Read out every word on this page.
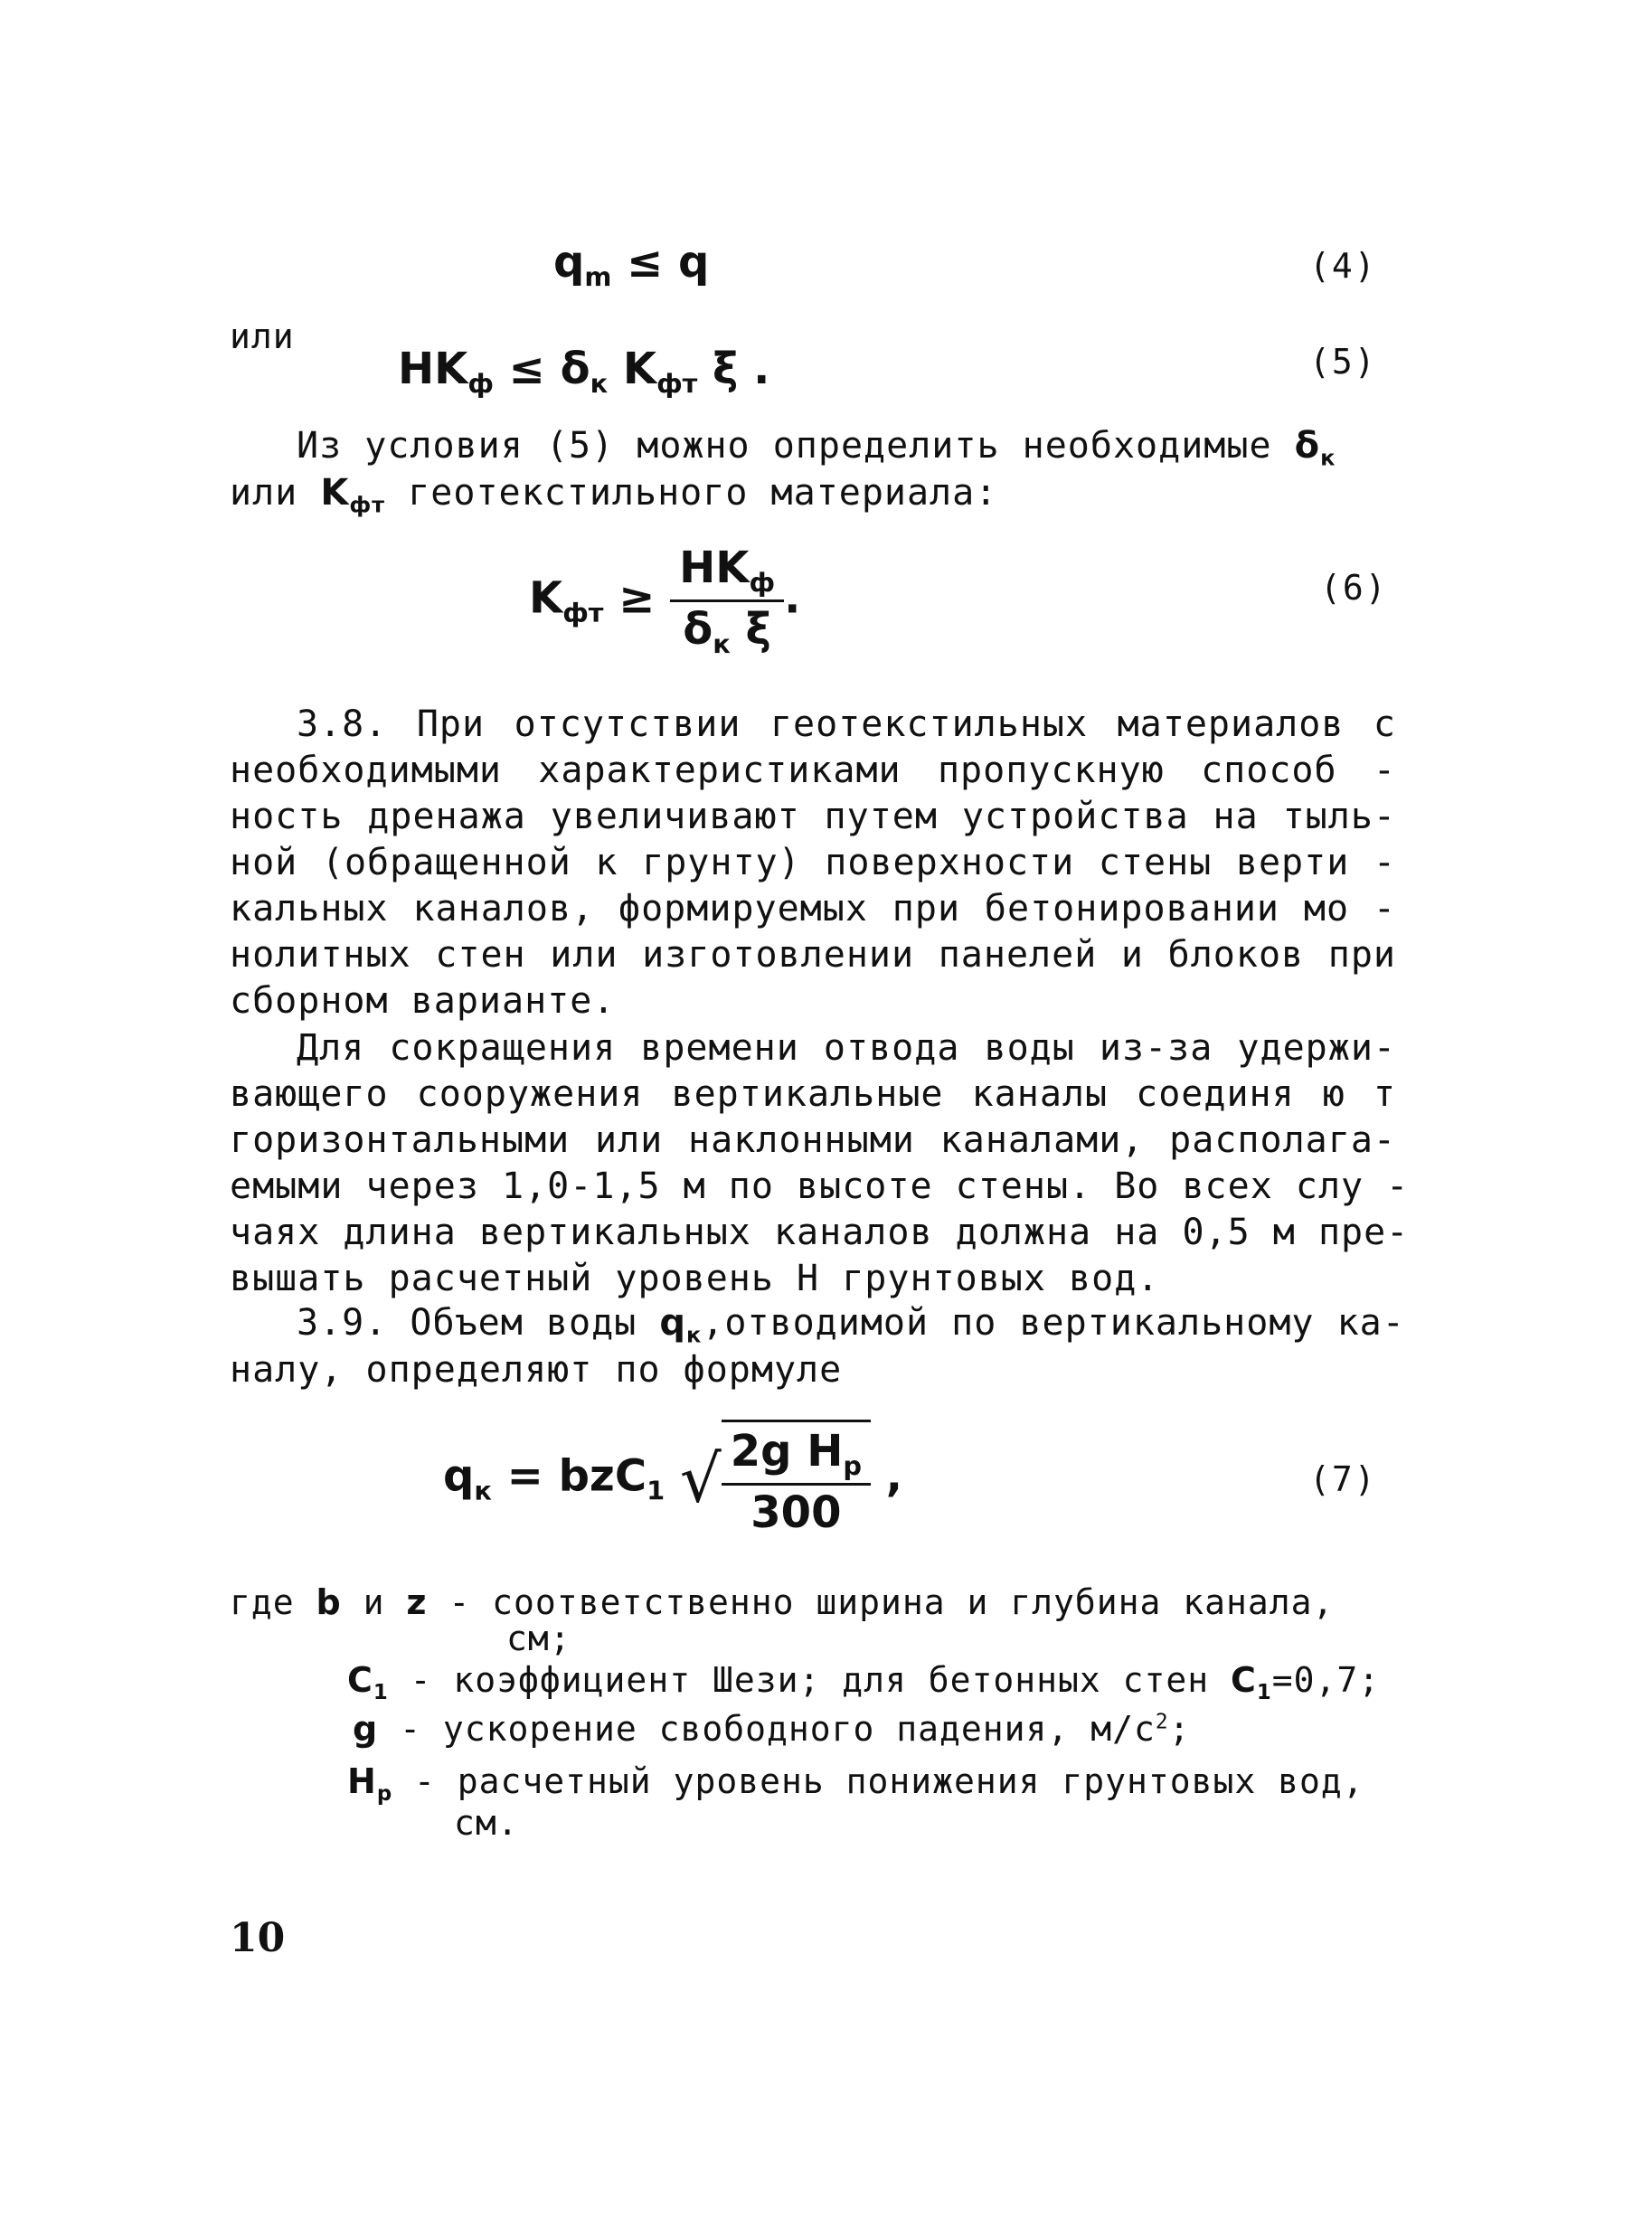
$q_m \le q$	(4)
или
$HK_ф \le \delta_к$ $K_{фт}$ ξ .	(5)
Из условия (5) можно определить необходимые $\delta_к$
или $K_{фт}$ геотекстильного материала:
$K_{фт} \ge \frac{HK_ф}{\delta_к \xi}$ .	(6)
3.8. При отсутствии геотекстильных материалов с
необходимыми характеристиками пропускную способ -
ность дренажа увеличивают путем устройства на тыль-
ной (обращенной к грунту) поверхности стены верти -
кальных каналов, формируемых при бетонировании мо -
нолитных стен или изготовлении панелей и блоков при
сборном варианте.
Для сокращения времени отвода воды из-за удержи-
вающего сооружения вертикальные каналы соединя ю т
горизонтальными или наклонными каналами, располага-
емыми через 1,0-1,5 м по высоте стены. Во всех слу -
чаях длина вертикальных каналов должна на 0,5 м пре-
вышать расчетный уровень Н грунтовых вод.
3.9. Объем воды $q_к,отводимой$ по вертикальному ка-
налу, определяют по формуле
$q_к = bzC_1$ √ $\frac{2g H_p}{300}$ ,	(7)
где b и z - соответственно ширина и глубина канала,
см;
$C_1$ - коэффициент Шези; для бетонных стен $C_1=0,7$;
g - ускорение свободного падения, $м/с^2$;
$H_p$ - расчетный уровень понижения грунтовых вод,
см.
10
